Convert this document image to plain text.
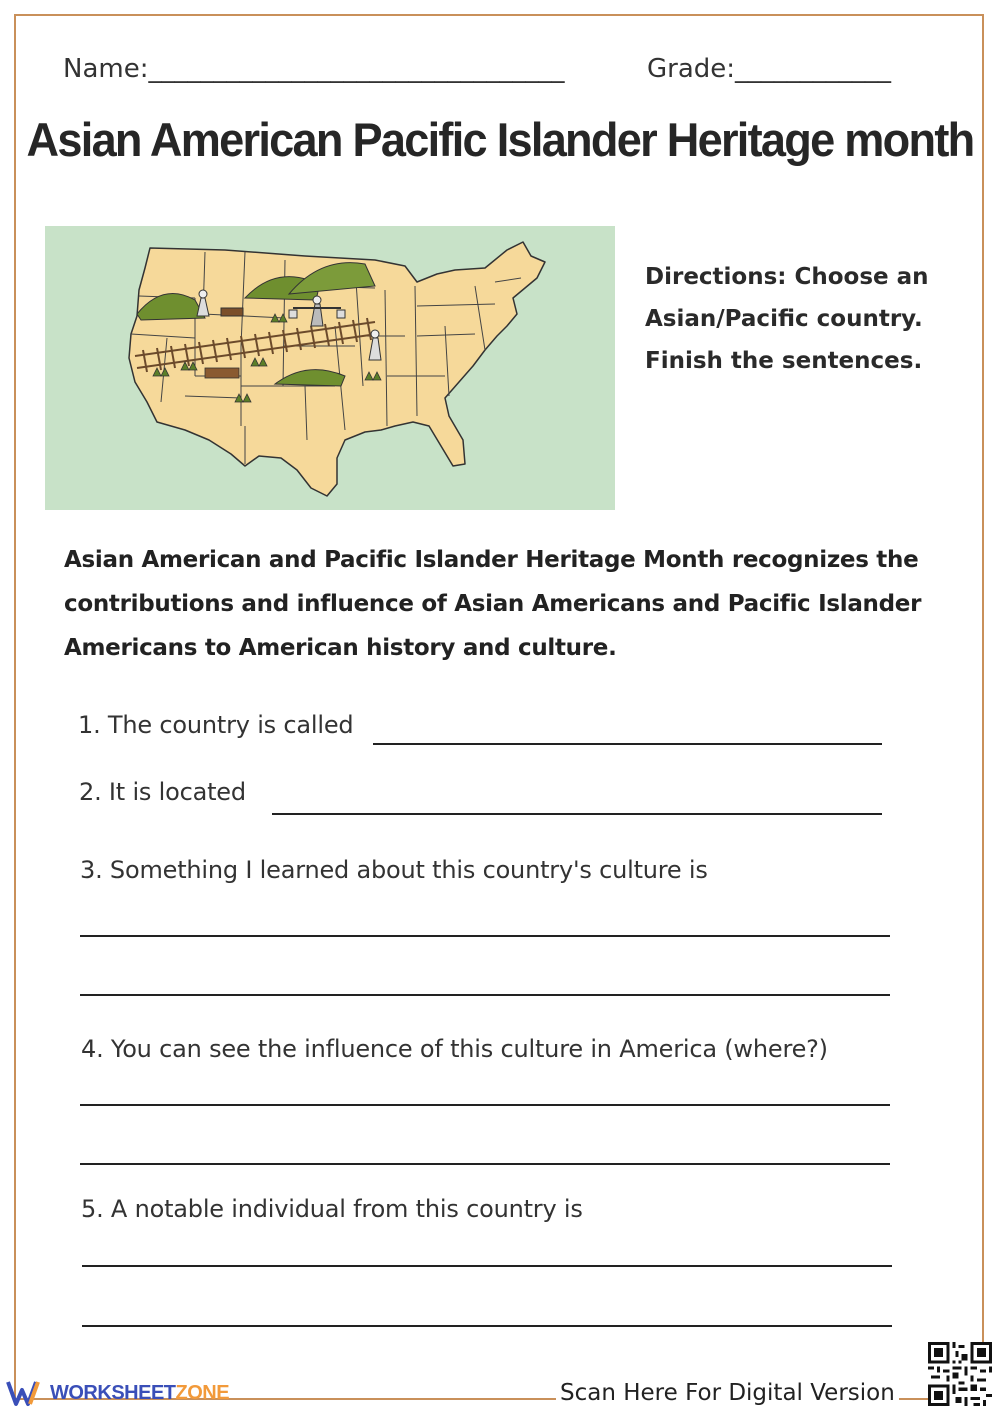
Name:________________________________	Grade:____________
Asian American Pacific Islander Heritage month
Directions: Choose an Asian/Pacific country. Finish the sentences.
Asian American and Pacific Islander Heritage Month recognizes the contributions and influence of Asian Americans and Pacific Islander Americans to American history and culture.
1. The country is called
2. It is located
3. Something I learned about this country's culture is
4. You can see the influence of this culture in America (where?)
5. A notable individual from this country is
WORKSHEETZONE	Scan Here For Digital Version
